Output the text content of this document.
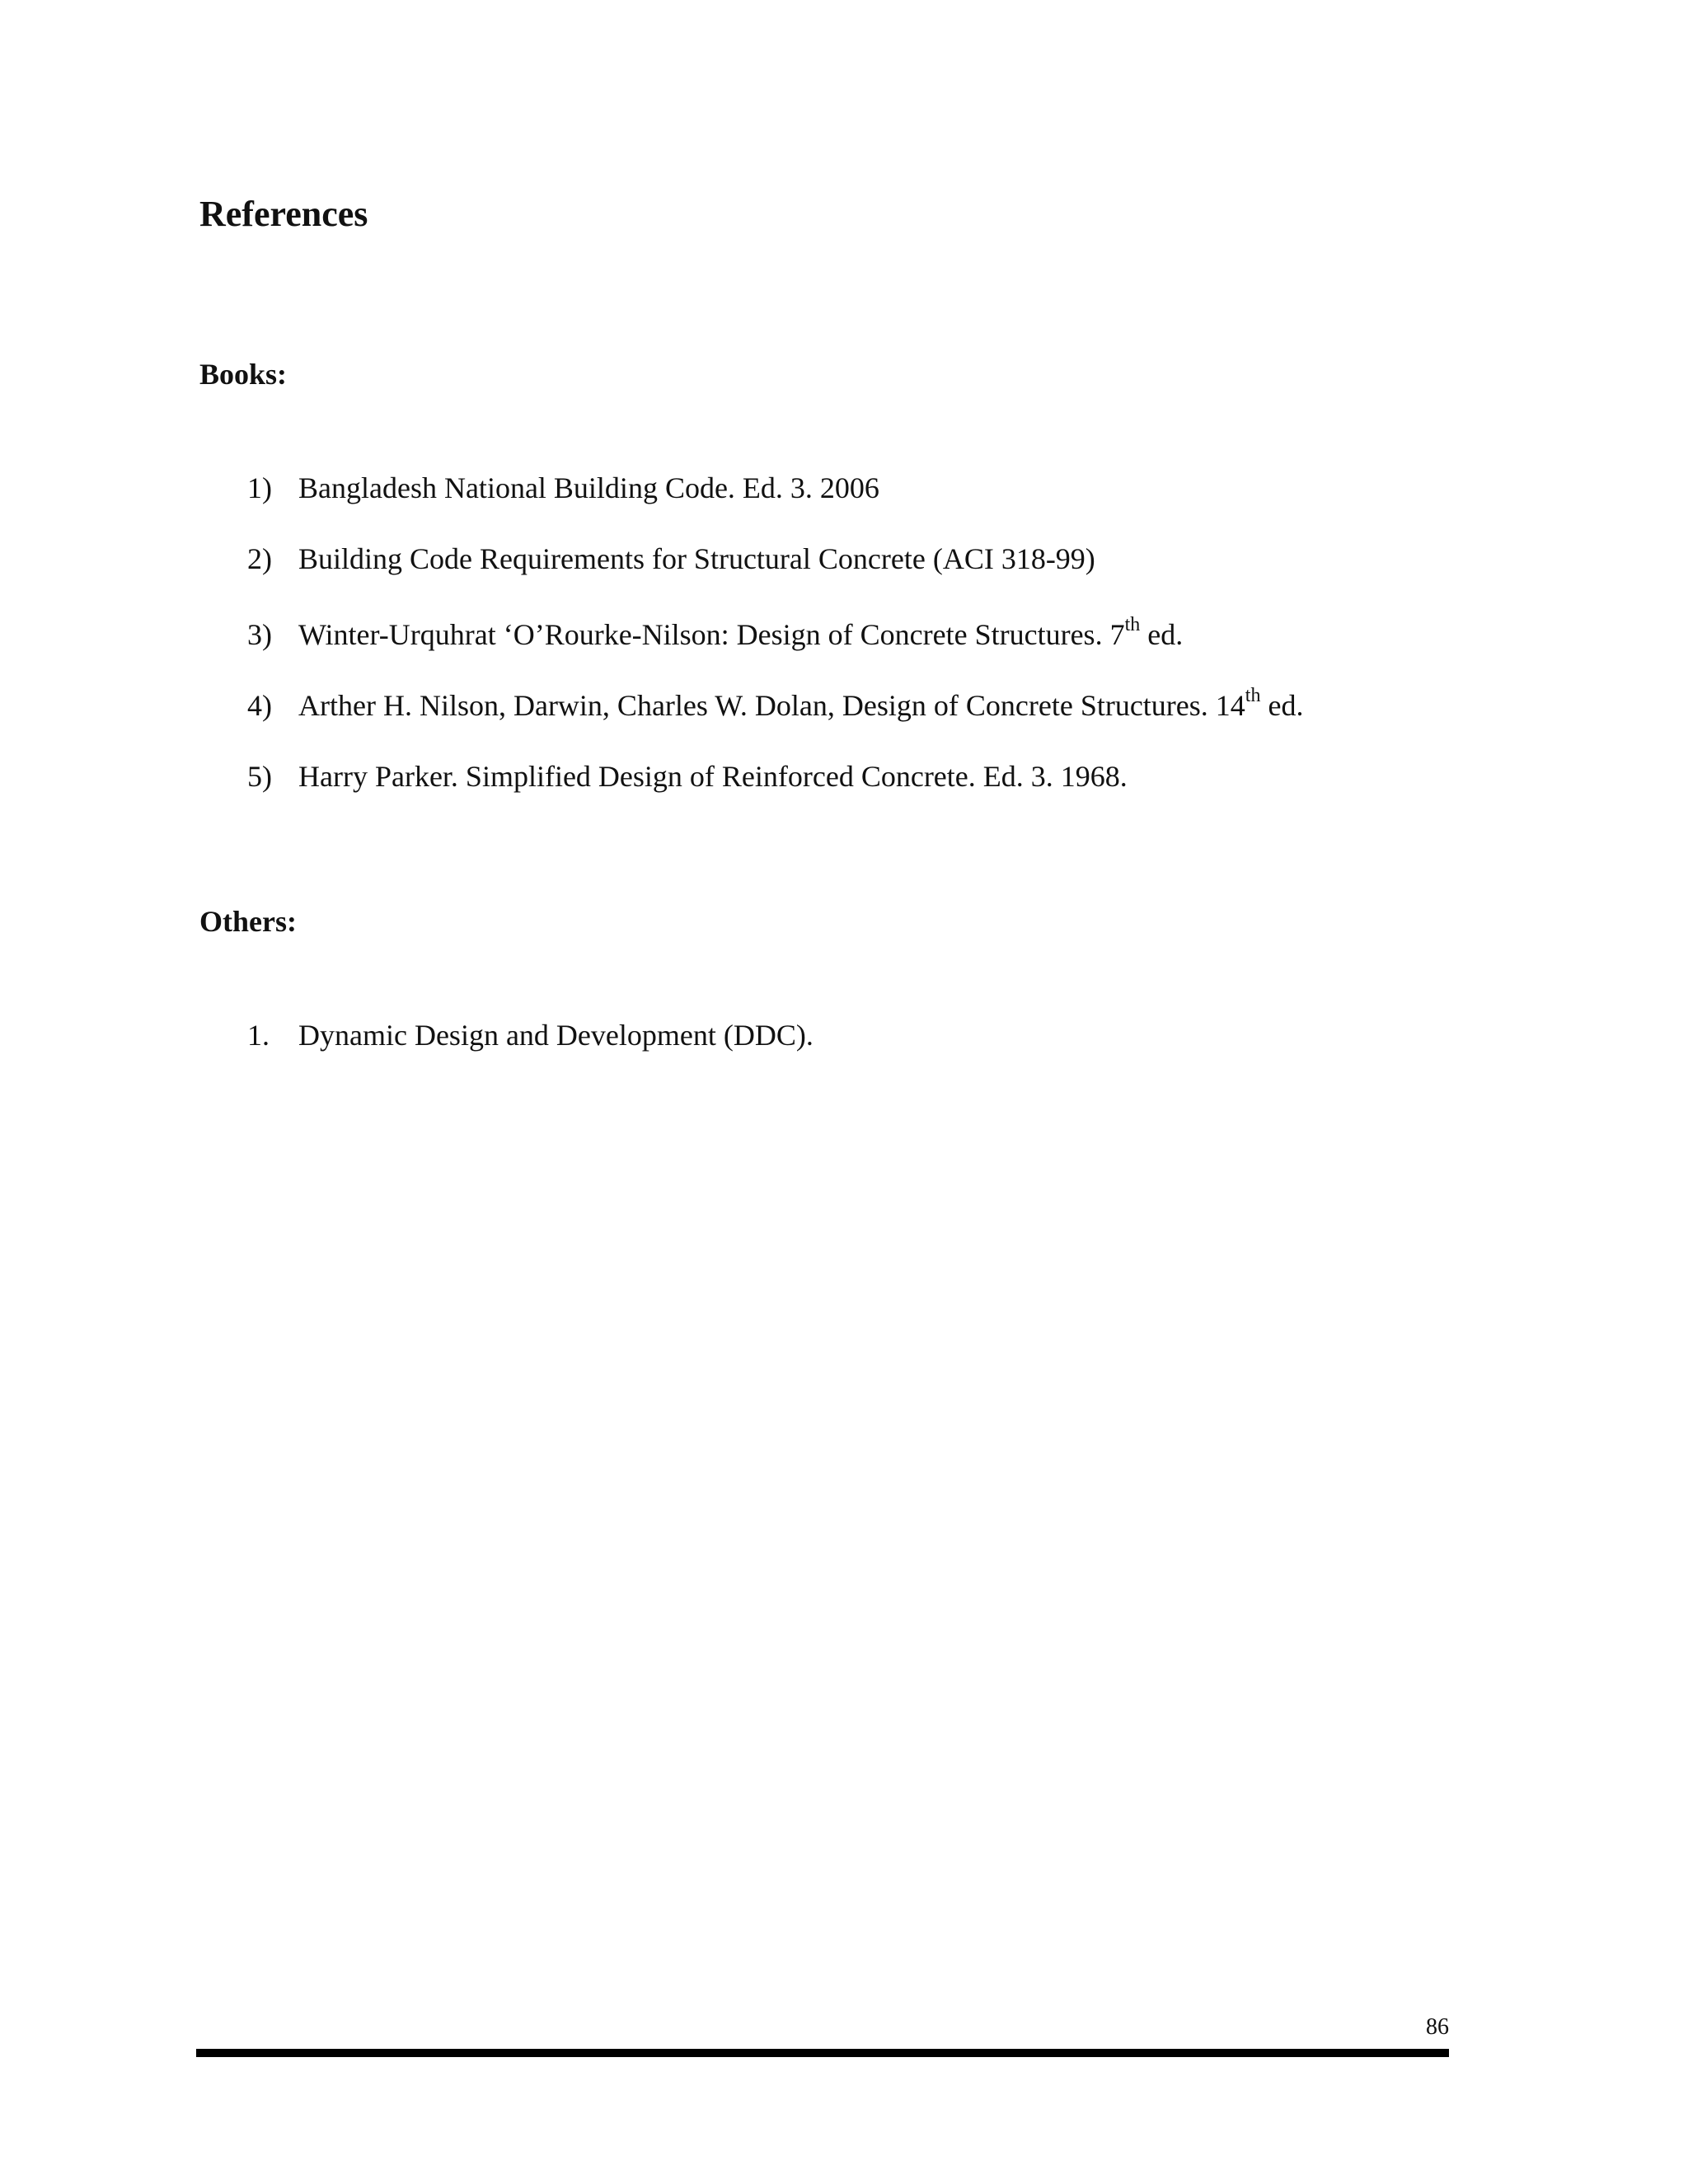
References
Books:
1) Bangladesh National Building Code. Ed. 3. 2006
2) Building Code Requirements for Structural Concrete (ACI 318-99)
3) Winter-Urquhrat ‘O’Rourke-Nilson: Design of Concrete Structures. 7th ed.
4) Arther H. Nilson, Darwin, Charles W. Dolan, Design of Concrete Structures. 14th ed.
5) Harry Parker. Simplified Design of Reinforced Concrete. Ed. 3. 1968.
Others:
1. Dynamic Design and Development (DDC).
86
